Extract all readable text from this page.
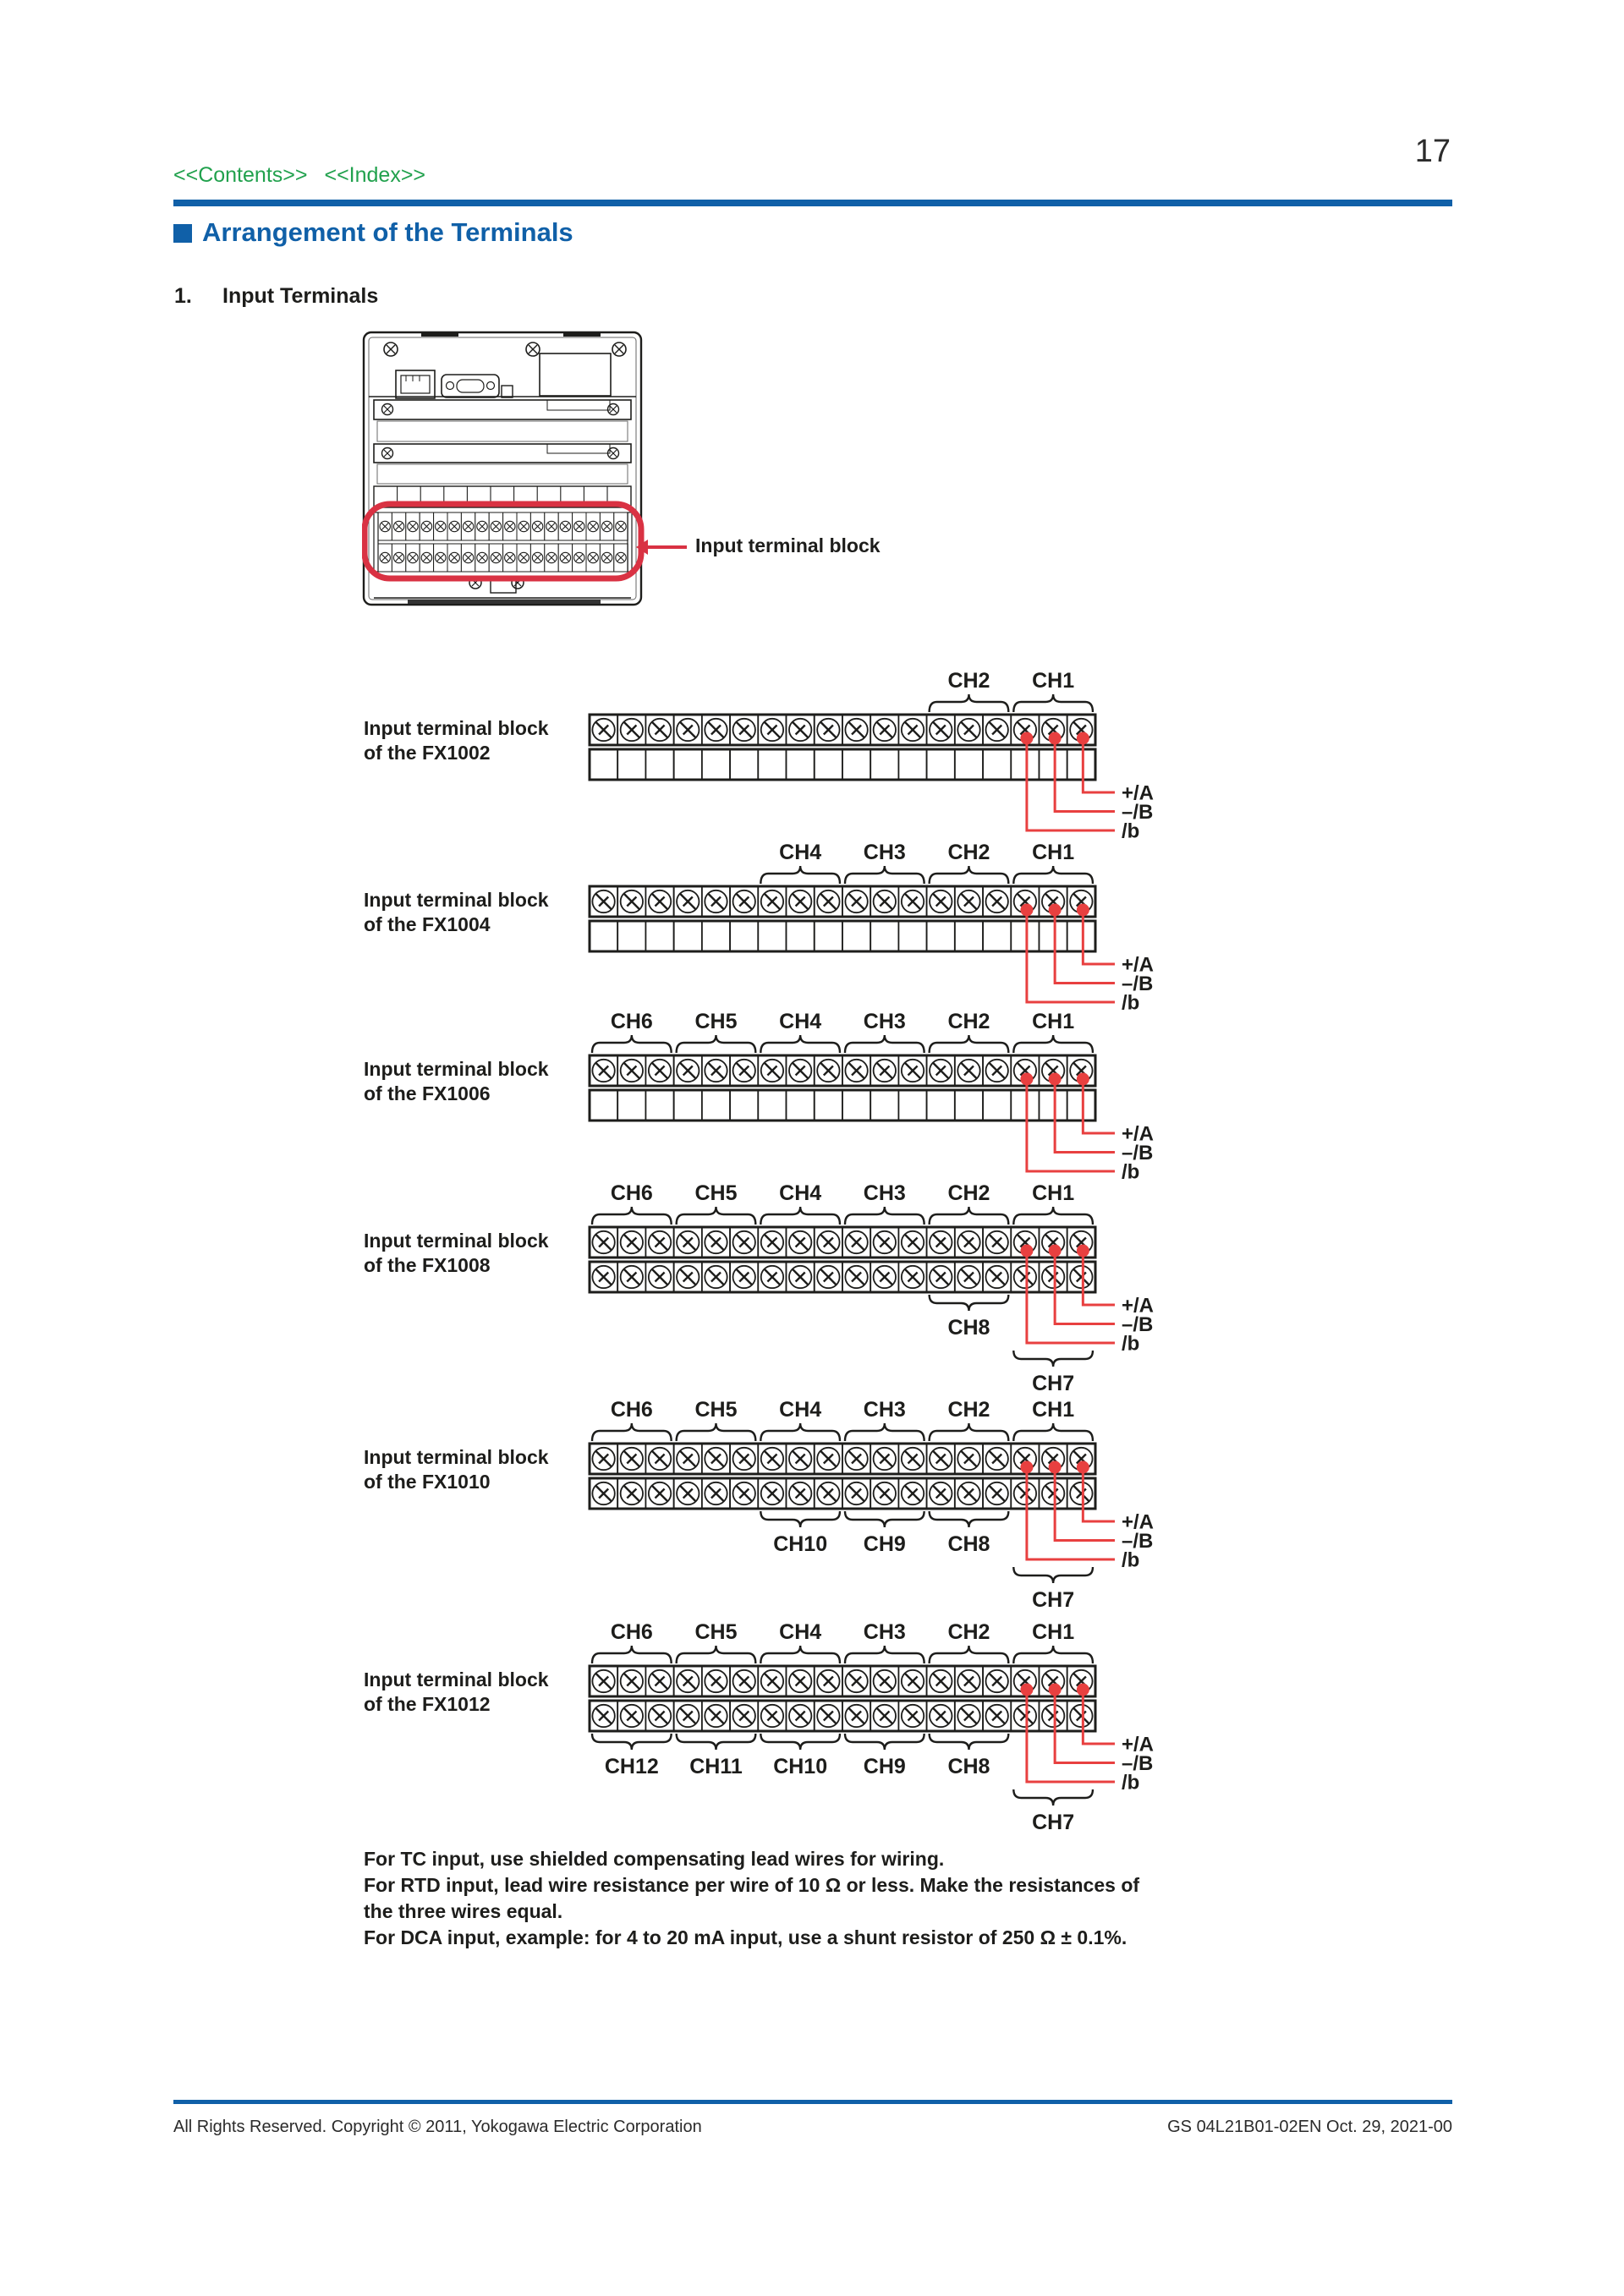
<<Contents>> <<Index>>
17
Arrangement of the Terminals
1. Input Terminals
Input terminal block
CH2 CH1
+/A
–/B
/b
CH4 CH3 CH2 CH1
+/A
–/B
/b
CH6 CH5 CH4 CH3 CH2 CH1
+/A
–/B
/b
CH6 CH5 CH4 CH3 CH2 CH1
+/A
–/B
/b
CH8
CH7
CH6 CH5 CH4 CH3 CH2 CH1
+/A
–/B
/b
CH10 CH9 CH8
CH7
CH6 CH5 CH4 CH3 CH2 CH1
+/A
–/B
/b
CH12 CH11 CH10 CH9 CH8
CH7
For TC input, use shielded compensating lead wires for wiring.
For RTD input, lead wire resistance per wire of 10 Ω or less. Make the resistances of
the three wires equal.
For DCA input, example: for 4 to 20 mA input, use a shunt resistor of 250 Ω ± 0.1%.
All Rights Reserved. Copyright © 2011, Yokogawa Electric Corporation	GS 04L21B01-02EN Oct. 29, 2021-00
Input terminal block
of the FX1002
Input terminal block
of the FX1004
Input terminal block
of the FX1006
Input terminal block
of the FX1008
Input terminal block
of the FX1010
Input terminal block
of the FX1012
